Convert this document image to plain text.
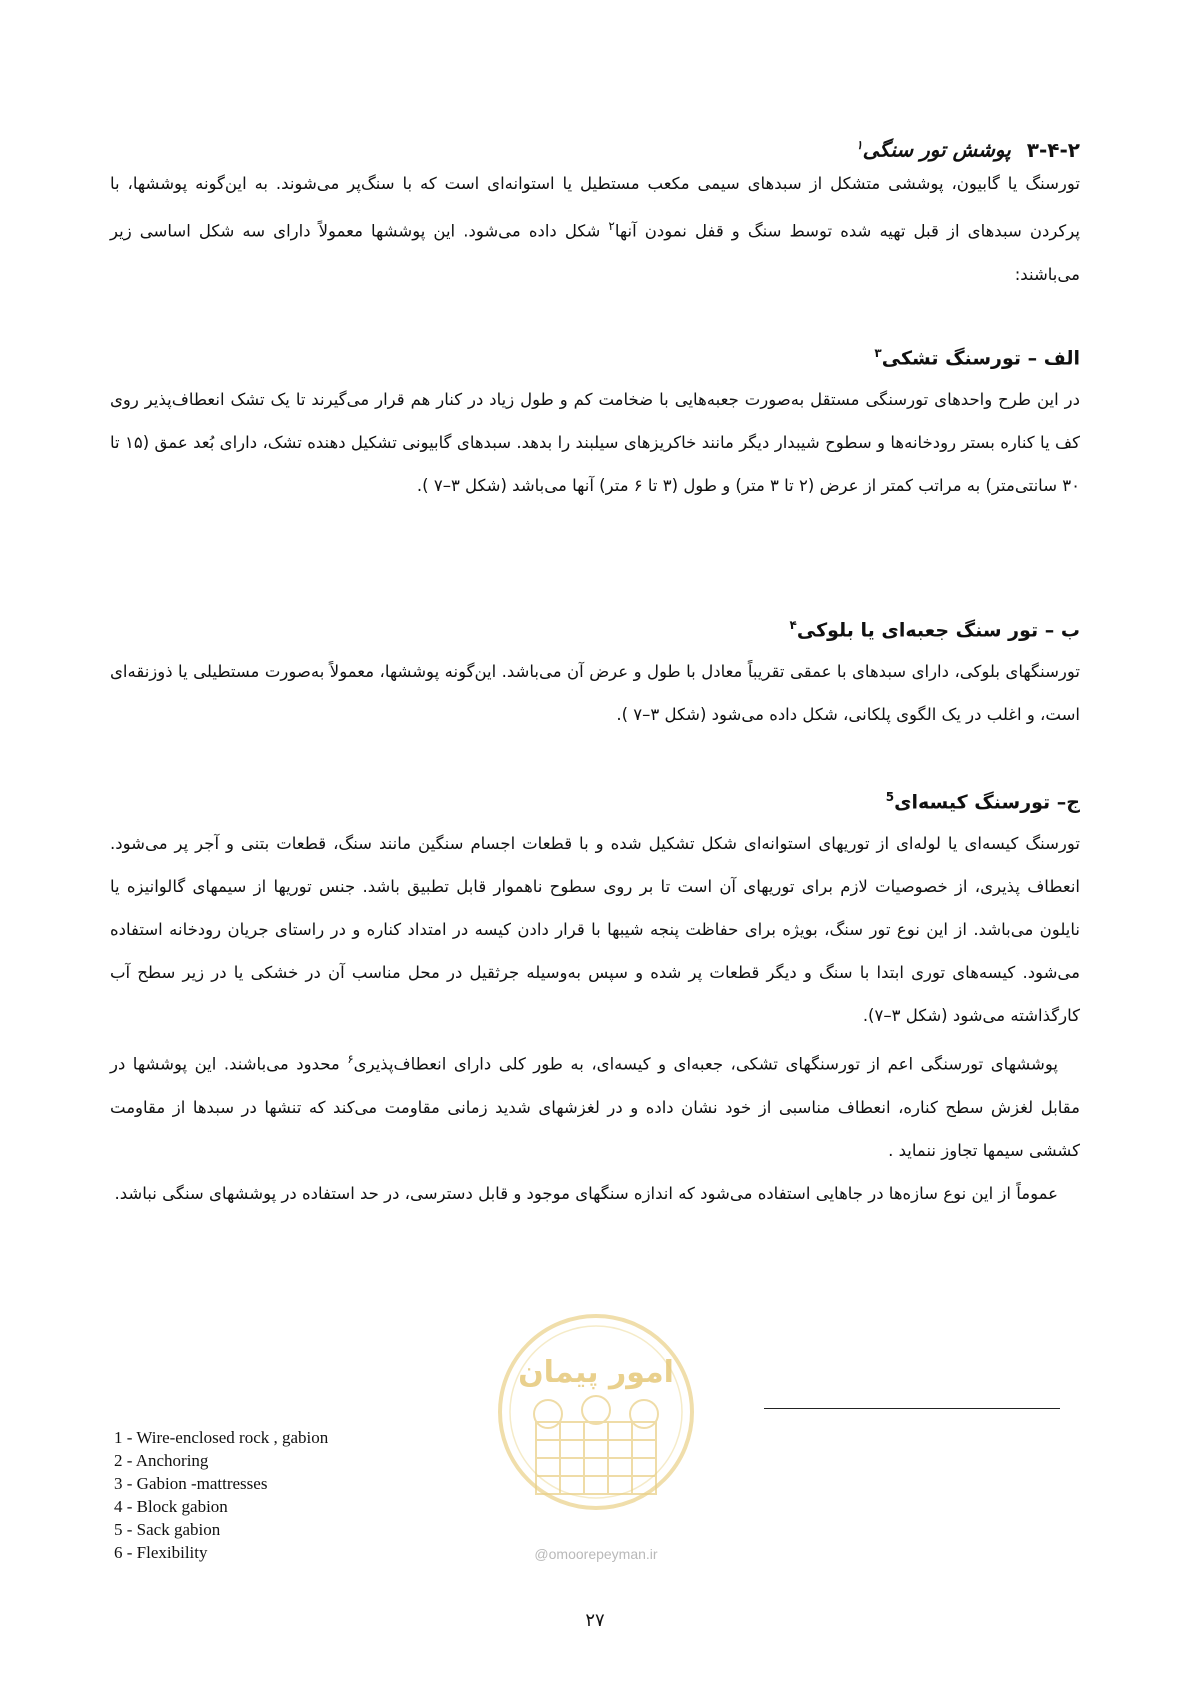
۳-۴-۲پوشش تور سنگی$^۱$
تورسنگ یا گابیون، پوششی متشکل از سبدهای سیمی مکعب مستطیل یا استوانه‌ای است که با سنگ‌پر می‌شوند. به این‌گونه پوششها، با پرکردن سبدهای از قبل تهیه شده توسط سنگ و قفل نمودن آنها$^۲$ شکل داده می‌شود. این پوششها معمولاً دارای سه شکل اساسی زیر می‌باشند:
الف – تورسنگ تشکی$^۳$
در این طرح واحدهای تورسنگی مستقل به‌صورت جعبه‌هایی با ضخامت کم و طول زیاد در کنار هم قرار می‌گیرند تا یک تشک انعطاف‌پذیر روی کف یا کناره بستر رودخانه‌ها و سطوح شیبدار دیگر مانند خاکریزهای سیلبند را بدهد. سبدهای گابیونی تشکیل دهنده تشک، دارای بُعد عمق (۱۵ تا ۳۰ سانتی‌متر) به مراتب کمتر از عرض (۲ تا ۳ متر) و طول (۳ تا ۶ متر) آنها می‌باشد (شکل ۳–۷ ).
ب – تور سنگ جعبه‌ای یا بلوکی$^۴$
تورسنگهای بلوکی، دارای سبدهای با عمقی تقریباً معادل با طول و عرض آن می‌باشد. این‌گونه پوششها، معمولاً به‌صورت مستطیلی یا ذوزنقه‌ای است، و اغلب در یک الگوی پلکانی، شکل داده می‌شود (شکل ۳–۷ ).
ج– تورسنگ کیسه‌ای$^5$
تورسنگ کیسه‌ای یا لوله‌ای از توریهای استوانه‌ای شکل تشکیل شده و با قطعات اجسام سنگین مانند سنگ، قطعات بتنی و آجر پر می‌شود. انعطاف پذیری، از خصوصیات لازم برای توریهای آن است تا بر روی سطوح ناهموار قابل تطبیق باشد. جنس توریها از سیمهای گالوانیزه یا نایلون می‌باشد. از این نوع تور سنگ، بویژه برای حفاظت پنجه شیبها با قرار دادن کیسه در امتداد کناره و در راستای جریان رودخانه استفاده می‌شود. کیسه‌های توری ابتدا با سنگ و دیگر قطعات پر شده و سپس به‌وسیله جرثقیل در محل مناسب آن در خشکی یا در زیر سطح آب کارگذاشته می‌شود (شکل ۳–۷).
پوششهای تورسنگی اعم از تورسنگهای تشکی، جعبه‌ای و کیسه‌ای، به طور کلی دارای انعطاف‌پذیری$^۶$ محدود می‌باشند. این پوششها در مقابل لغزش سطح کناره، انعطاف مناسبی از خود نشان داده و در لغزشهای شدید زمانی مقاومت می‌کند که تنشها در سبدها از مقاومت کششی سیمها تجاوز ننماید .
عموماً از این نوع سازه‌ها در جاهایی استفاده می‌شود که اندازه سنگهای موجود و قابل دسترسی، در حد استفاده در پوششهای سنگی نباشد.
امور پیمان
@omoorepeyman.ir
1 - Wire-enclosed rock , gabion
2 - Anchoring
3 - Gabion -mattresses
4 - Block gabion
5 - Sack gabion
6 - Flexibility
۲۷
